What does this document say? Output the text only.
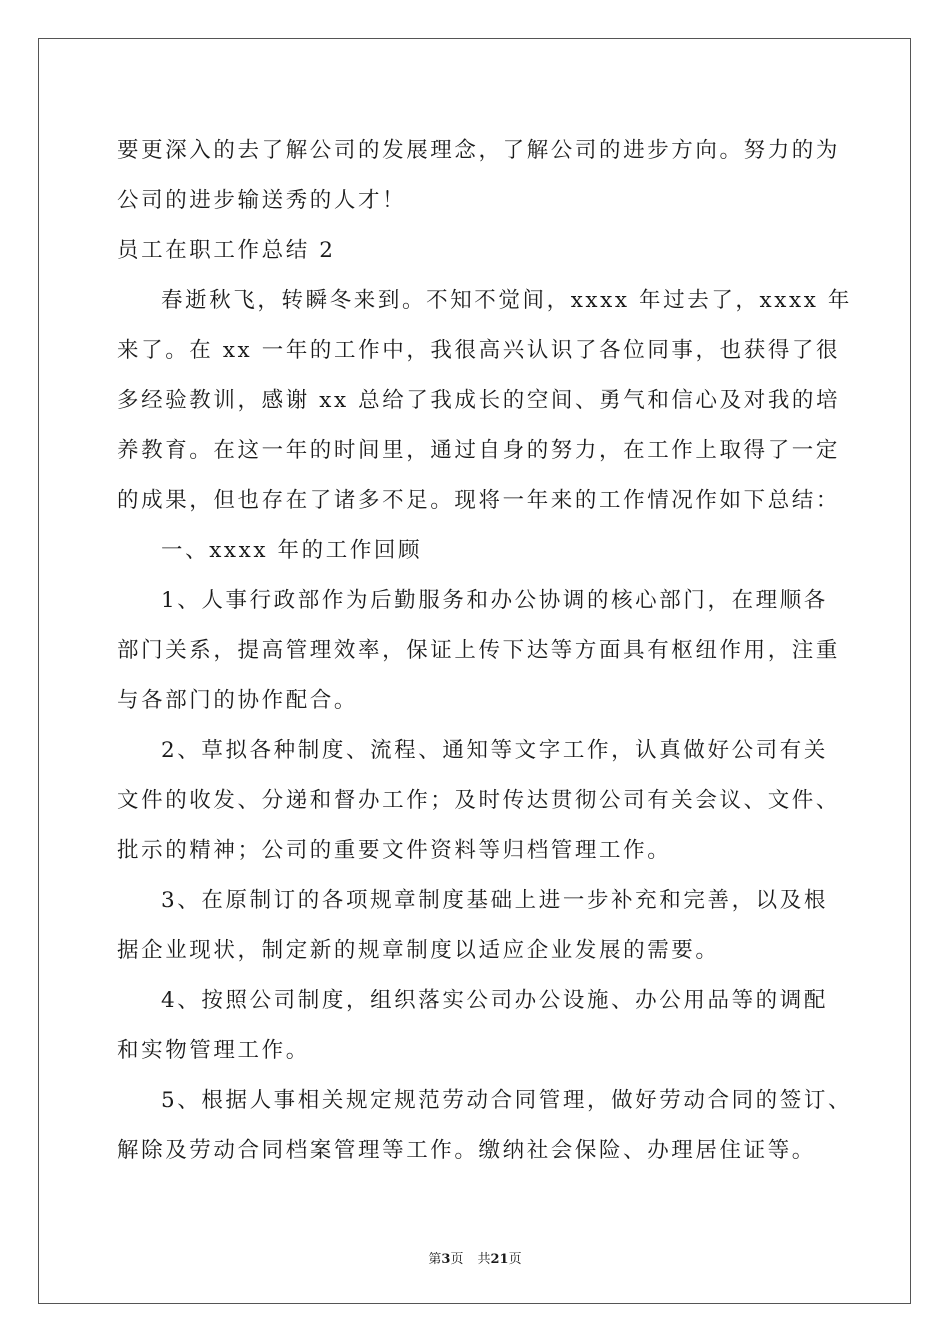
要更深入的去了解公司的发展理念，了解公司的进步方向。努力的为
公司的进步输送秀的人才！
员工在职工作总结 2
春逝秋飞，转瞬冬来到。不知不觉间，xxxx 年过去了，xxxx 年
来了。在 xx 一年的工作中，我很高兴认识了各位同事，也获得了很
多经验教训，感谢 xx 总给了我成长的空间、勇气和信心及对我的培
养教育。在这一年的时间里，通过自身的努力，在工作上取得了一定
的成果，但也存在了诸多不足。现将一年来的工作情况作如下总结：
一、xxxx 年的工作回顾
1、人事行政部作为后勤服务和办公协调的核心部门，在理顺各
部门关系，提高管理效率，保证上传下达等方面具有枢纽作用，注重
与各部门的协作配合。
2、草拟各种制度、流程、通知等文字工作，认真做好公司有关
文件的收发、分递和督办工作；及时传达贯彻公司有关会议、文件、
批示的精神；公司的重要文件资料等归档管理工作。
3、在原制订的各项规章制度基础上进一步补充和完善，以及根
据企业现状，制定新的规章制度以适应企业发展的需要。
4、按照公司制度，组织落实公司办公设施、办公用品等的调配
和实物管理工作。
5、根据人事相关规定规范劳动合同管理，做好劳动合同的签订、
解除及劳动合同档案管理等工作。缴纳社会保险、办理居住证等。
第3页 共21页
